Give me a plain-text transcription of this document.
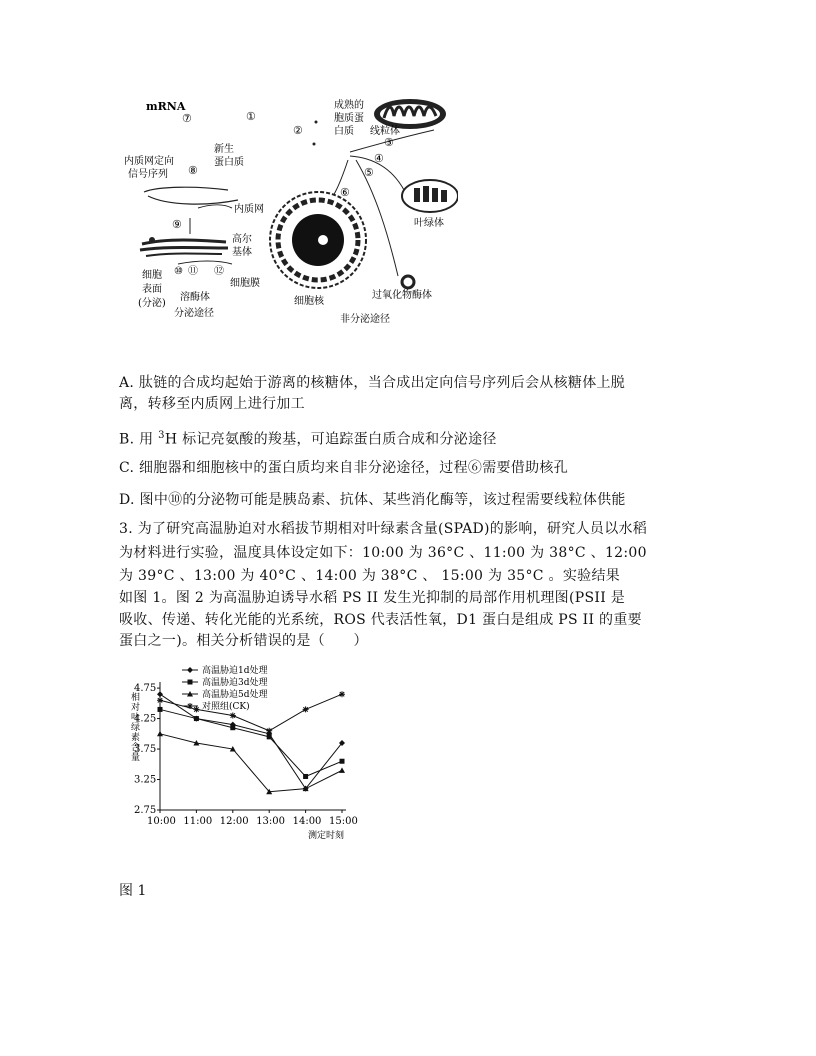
mRNA
⑦	①
②
成熟的
胞质蛋
白质 线粒体
③
④
⑤
⑥
叶绿体
过氧化物酶体
细胞核
非分泌途径
新生
蛋白质
内质网定向
信号序列 ⑧
内质网
⑨
高尔
基体
⑩ ⑪ ⑫
细胞膜
细胞
表面
(分泌)
溶酶体
分泌途径
A. 肽链的合成均起始于游离的核糖体，当合成出定向信号序列后会从核糖体上脱
离，转移至内质网上进行加工
B. 用 $^3$H 标记亮氨酸的羧基，可追踪蛋白质合成和分泌途径
C. 细胞器和细胞核中的蛋白质均来自非分泌途径，过程⑥需要借助核孔
D. 图中⑩的分泌物可能是胰岛素、抗体、某些消化酶等，该过程需要线粒体供能
3. 为了研究高温胁迫对水稻拔节期相对叶绿素含量(SPAD)的影响，研究人员以水稻
为材料进行实验，温度具体设定如下：10:00 为 36°C 、11:00 为 38°C 、12:00
为 39°C 、13:00 为 40°C 、14:00 为 38°C 、 15:00 为 35°C 。实验结果
如图 1。图 2 为高温胁迫诱导水稻 PS II 发生光抑制的局部作用机理图(PSII 是
吸收、传递、转化光能的光系统，ROS 代表活性氧，D1 蛋白是组成 PS II 的重要
蛋白之一)。相关分析错误的是（　　）
4.75
4.25
3.75
3.25
2.75
10:00 11:00 12:00 13:00 14:00 15:00
相对叶绿素含量
测定时刻
高温胁迫1d处理
高温胁迫3d处理
高温胁迫5d处理
对照组(CK)
图 1
